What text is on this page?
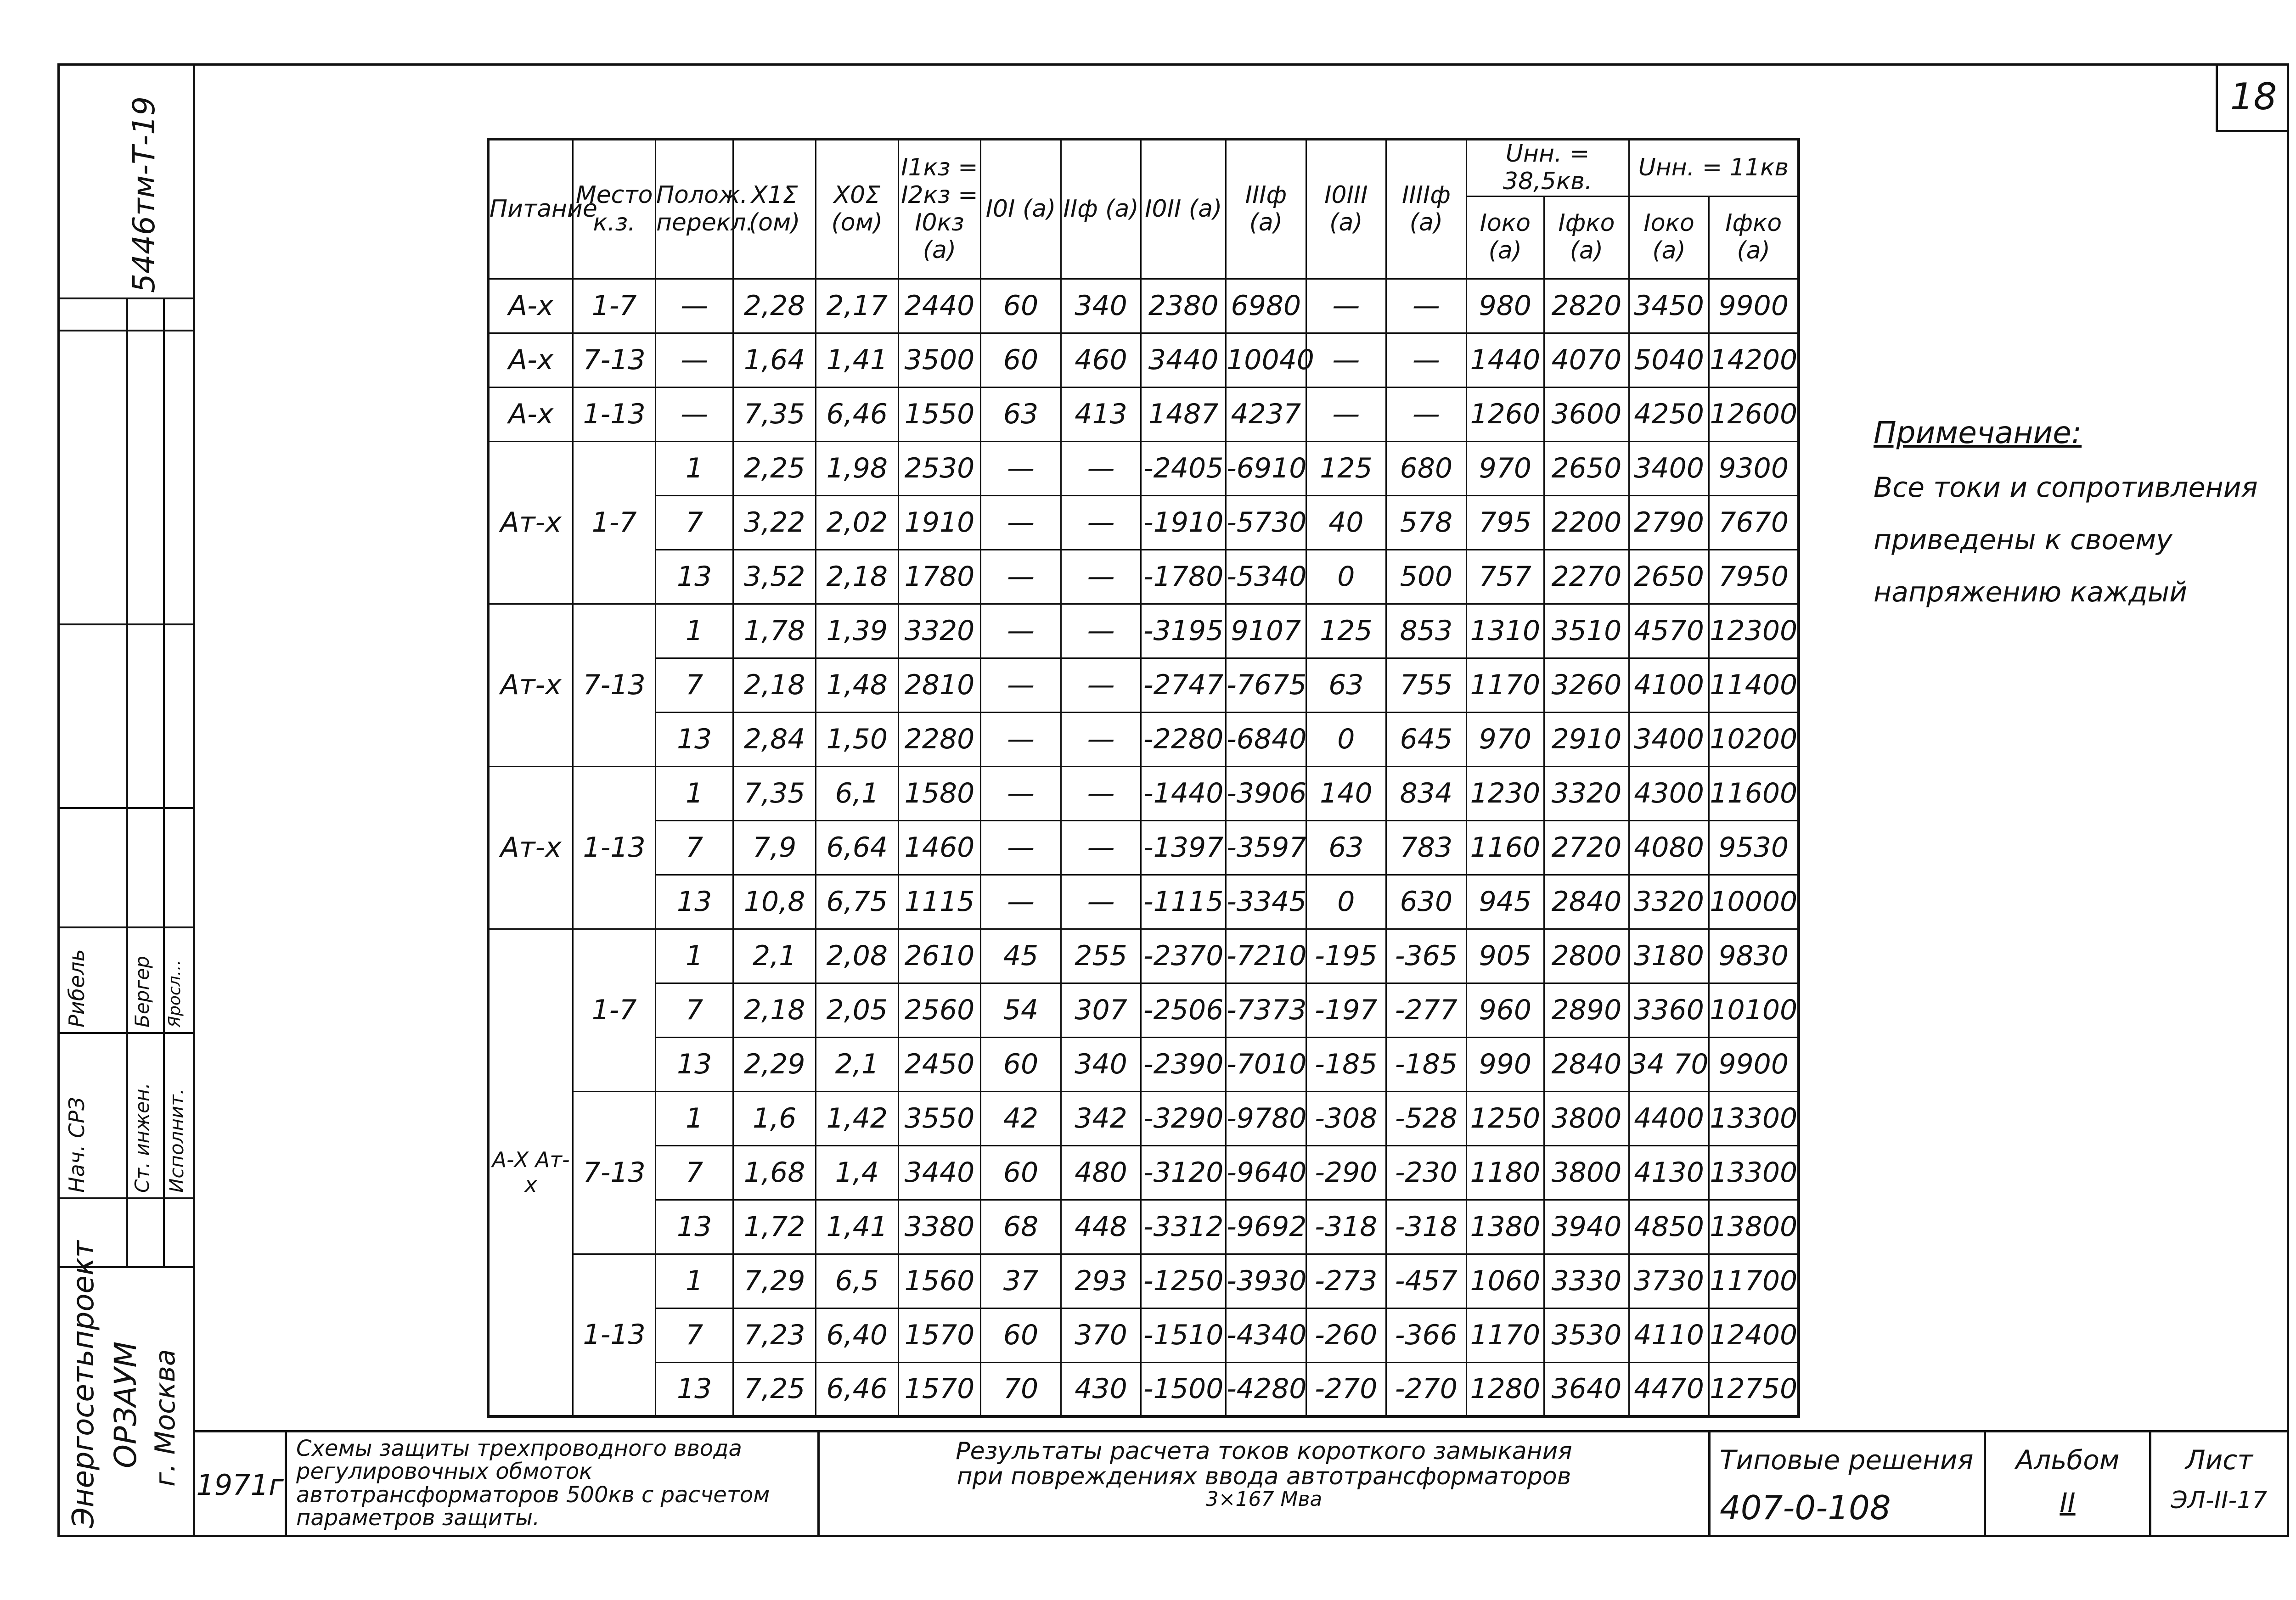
5446тм-Т-19
Нач. СРЗ Ст. инжен. Исполнит.
Рибель Бергер Яросл...
Энергосетьпроект ОРЗАУМ г. Москва
18
Питание	Место к.з.	Полож. перекл.	X1Σ (ом)	X0Σ (ом)	I1кз = I2кз = I0кз (а)	I0I (а)	IIф (а)	I0II (а)	IIIф (а)	I0III (а)	IIIIф (а)	Uнн. = 38,5кв.		Uнн. = 11кв	
												Iоко (а)	Iфко (а)	Iоко (а)	Iфко (а)
А-х	1-7	—	2,28	2,17	2440	60	340	2380	6980	—	—	980	2820	3450	9900
А-х	7-13	—	1,64	1,41	3500	60	460	3440	10040	—	—	1440	4070	5040	14200
А-х	1-13	—	7,35	6,46	1550	63	413	1487	4237	—	—	1260	3600	4250	12600
Ат-х	1-7	1	2,25	1,98	2530	—	—	-2405	-6910	125	680	970	2650	3400	9300
		7	3,22	2,02	1910	—	—	-1910	-5730	40	578	795	2200	2790	7670
		13	3,52	2,18	1780	—	—	-1780	-5340	0	500	757	2270	2650	7950
Ат-х	7-13	1	1,78	1,39	3320	—	—	-3195	9107	125	853	1310	3510	4570	12300
		7	2,18	1,48	2810	—	—	-2747	-7675	63	755	1170	3260	4100	11400
		13	2,84	1,50	2280	—	—	-2280	-6840	0	645	970	2910	3400	10200
Ат-х	1-13	1	7,35	6,1	1580	—	—	-1440	-3906	140	834	1230	3320	4300	11600
		7	7,9	6,64	1460	—	—	-1397	-3597	63	783	1160	2720	4080	9530
		13	10,8	6,75	1115	—	—	-1115	-3345	0	630	945	2840	3320	10000
А-Х Ат-х	1-7	1	2,1	2,08	2610	45	255	-2370	-7210	-195	-365	905	2800	3180	9830
		7	2,18	2,05	2560	54	307	-2506	-7373	-197	-277	960	2890	3360	10100
		13	2,29	2,1	2450	60	340	-2390	-7010	-185	-185	990	2840	34 70	9900
	7-13	1	1,6	1,42	3550	42	342	-3290	-9780	-308	-528	1250	3800	4400	13300
		7	1,68	1,4	3440	60	480	-3120	-9640	-290	-230	1180	3800	4130	13300
		13	1,72	1,41	3380	68	448	-3312	-9692	-318	-318	1380	3940	4850	13800
	1-13	1	7,29	6,5	1560	37	293	-1250	-3930	-273	-457	1060	3330	3730	11700
		7	7,23	6,40	1570	60	370	-1510	-4340	-260	-366	1170	3530	4110	12400
		13	7,25	6,46	1570	70	430	-1500	-4280	-270	-270	1280	3640	4470	12750
Примечание:
Все токи и сопротивления приведены к своему напряжению каждый
1971г
Схемы защиты трехпроводного ввода регулировочных обмоток автотрансформаторов 500кв с расчетом параметров защиты.
Результаты расчета токов короткого замыкания
при повреждениях ввода автотрансформаторов
3×167 Мва
Типовые решения
407-0-108
Альбом
II
Лист
ЭЛ-II-17
